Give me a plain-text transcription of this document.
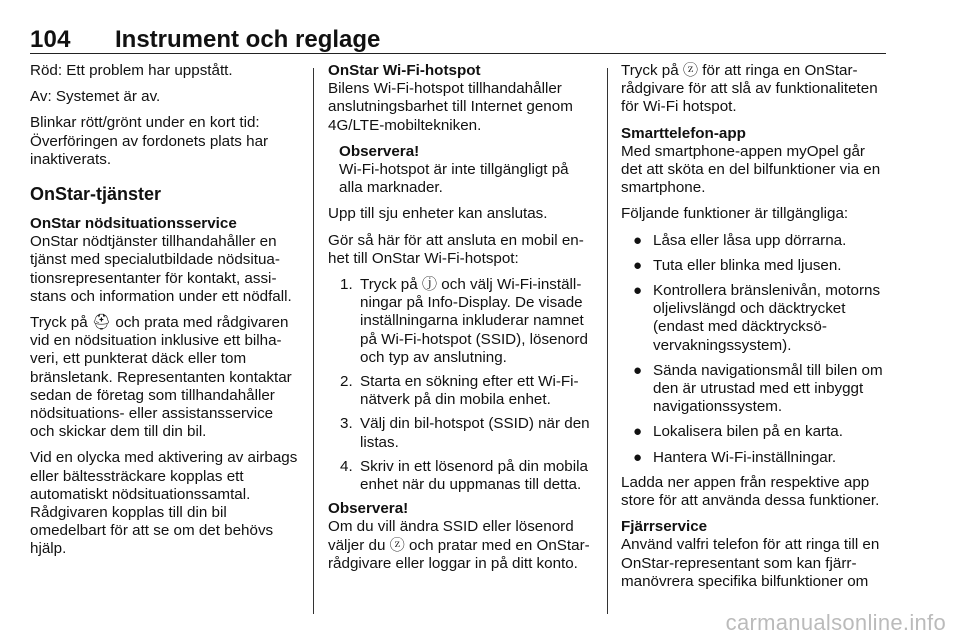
104 Instrument och reglage

Röd: Ett problem har uppstått.

Av: Systemet är av.

Blinkar rött/grönt under en kort tid: Överföringen av fordonets plats har inaktiverats.

OnStar-tjänster

OnStar nödsituationsservice
OnStar nödtjänster tillhandahåller en tjänst med specialutbildade nödsituationsrepresentanter för kontakt, assistans och information under ett nödfall.

Tryck på ⛑ och prata med rådgivaren vid en nödsituation inklusive ett bilhaveri, ett punkterat däck eller tom bränsletank. Representanten kontaktar sedan de företag som tillhandahåller nödsituations- eller assistansservice och skickar dem till din bil.

Vid en olycka med aktivering av airbags eller bältessträckare kopplas ett automatiskt nödsituationssamtal. Rådgivaren kopplas till din bil omedelbart för att se om det behövs hjälp.

OnStar Wi-Fi-hotspot
Bilens Wi-Fi-hotspot tillhandahåller anslutningsbarhet till Internet genom 4G/LTE-mobiltekniken.

Observera!
Wi-Fi-hotspot är inte tillgängligt på alla marknader.

Upp till sju enheter kan anslutas.

Gör så här för att ansluta en mobil enhet till OnStar Wi-Fi-hotspot:

1. Tryck på ⓙ och välj Wi-Fi-inställningar på Info-Display. De visade inställningarna inkluderar namnet på Wi-Fi-hotspot (SSID), lösenord och typ av anslutning.
2. Starta en sökning efter ett Wi-Fi-nätverk på din mobila enhet.
3. Välj din bil-hotspot (SSID) när den listas.
4. Skriv in ett lösenord på din mobila enhet när du uppmanas till detta.

Observera!
Om du vill ändra SSID eller lösenord väljer du ⓩ och pratar med en OnStar-rådgivare eller loggar in på ditt konto.

Tryck på ⓩ för att ringa en OnStar-rådgivare för att slå av funktionaliteten för Wi-Fi hotspot.

Smarttelefon-app
Med smartphone-appen myOpel går det att sköta en del bilfunktioner via en smartphone.

Följande funktioner är tillgängliga:

● Låsa eller låsa upp dörrarna.
● Tuta eller blinka med ljusen.
● Kontrollera bränslenivån, motorns oljelivslängd och däcktrycket (endast med däcktrycksövervakningssystem).
● Sända navigationsmål till bilen om den är utrustad med ett inbyggt navigationssystem.
● Lokalisera bilen på en karta.
● Hantera Wi-Fi-inställningar.

Ladda ner appen från respektive app store för att använda dessa funktioner.

Fjärrservice
Använd valfri telefon för att ringa till en OnStar-representant som kan fjärrmanövrera specifika bilfunktioner om

carmanualsonline.info
